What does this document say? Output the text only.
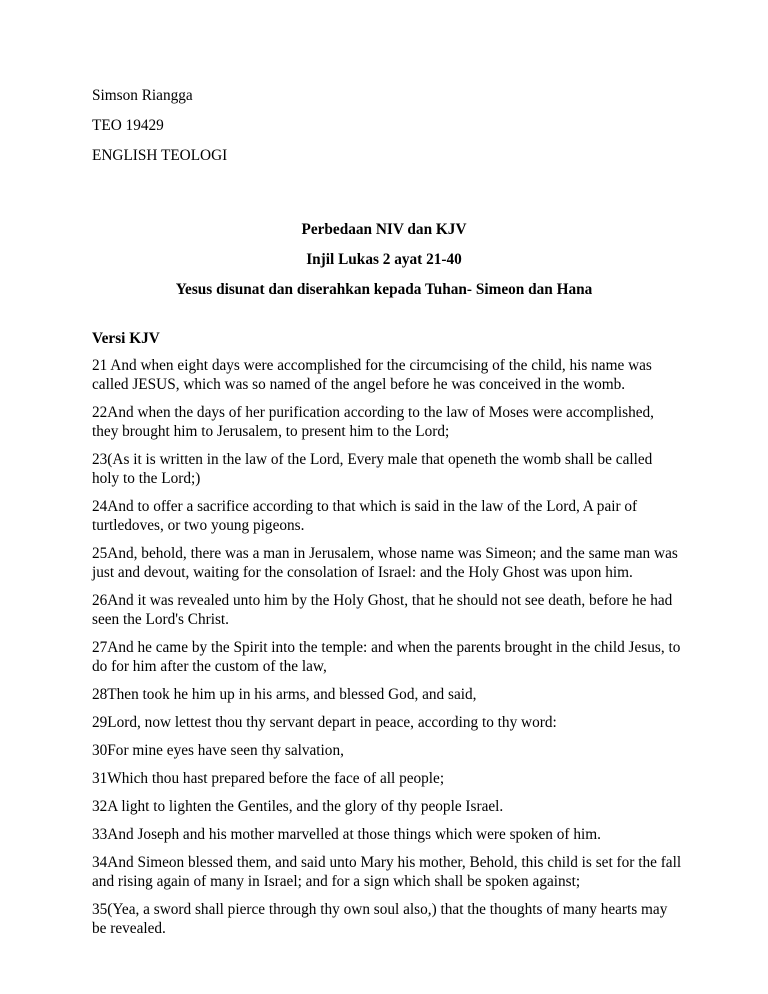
Simson Riangga

TEO 19429

ENGLISH TEOLOGI

Perbedaan NIV dan KJV

Injil Lukas 2 ayat 21-40

Yesus disunat dan diserahkan kepada Tuhan- Simeon dan Hana

Versi KJV

21 And when eight days were accomplished for the circumcising of the child, his name was called JESUS, which was so named of the angel before he was conceived in the womb.

22And when the days of her purification according to the law of Moses were accomplished, they brought him to Jerusalem, to present him to the Lord;

23(As it is written in the law of the Lord, Every male that openeth the womb shall be called holy to the Lord;)

24And to offer a sacrifice according to that which is said in the law of the Lord, A pair of turtledoves, or two young pigeons.

25And, behold, there was a man in Jerusalem, whose name was Simeon; and the same man was just and devout, waiting for the consolation of Israel: and the Holy Ghost was upon him.

26And it was revealed unto him by the Holy Ghost, that he should not see death, before he had seen the Lord's Christ.

27And he came by the Spirit into the temple: and when the parents brought in the child Jesus, to do for him after the custom of the law,

28Then took he him up in his arms, and blessed God, and said,

29Lord, now lettest thou thy servant depart in peace, according to thy word:

30For mine eyes have seen thy salvation,

31Which thou hast prepared before the face of all people;

32A light to lighten the Gentiles, and the glory of thy people Israel.

33And Joseph and his mother marvelled at those things which were spoken of him.

34And Simeon blessed them, and said unto Mary his mother, Behold, this child is set for the fall and rising again of many in Israel; and for a sign which shall be spoken against;

35(Yea, a sword shall pierce through thy own soul also,) that the thoughts of many hearts may be revealed.
